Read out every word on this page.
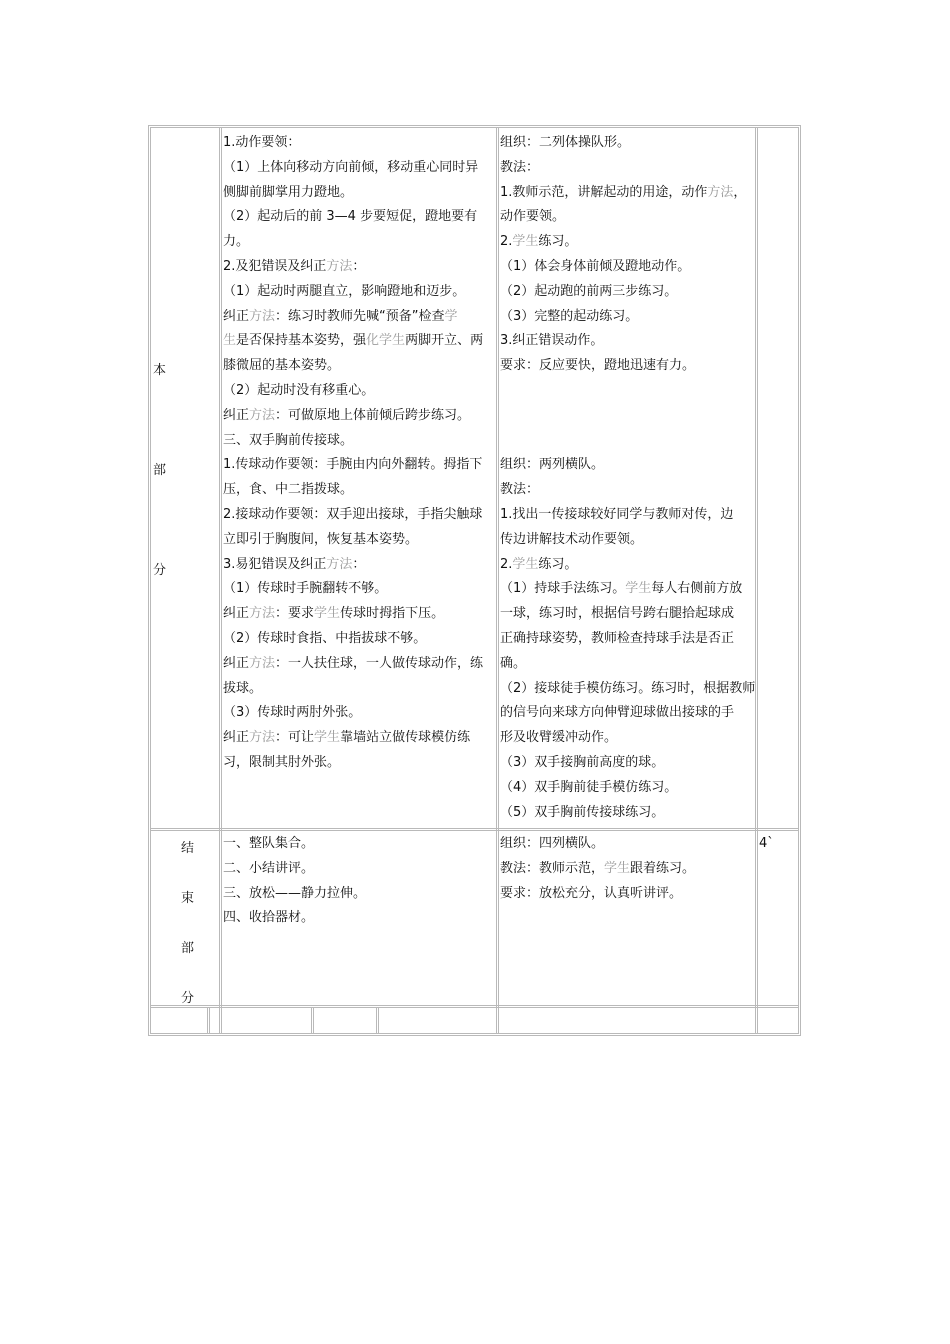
本
部
分

1.动作要领：

（1）上体向移动方向前倾，移动重心同时异

侧脚前脚掌用力蹬地。

（2）起动后的前 3—4 步要短促，蹬地要有

力。

2.及犯错误及纠正方法：

（1）起动时两腿直立，影响蹬地和迈步。

纠正方法：练习时教师先喊“预备”检查学

生是否保持基本姿势，强化学生两脚开立、两

膝微屈的基本姿势。

（2）起动时没有移重心。

纠正方法：可做原地上体前倾后跨步练习。

三、双手胸前传接球。

1.传球动作要领：手腕由内向外翻转。拇指下

压，食、中二指拨球。

2.接球动作要领：双手迎出接球，手指尖触球

立即引于胸腹间，恢复基本姿势。

3.易犯错误及纠正方法：

（1）传球时手腕翻转不够。

纠正方法：要求学生传球时拇指下压。

（2）传球时食指、中指拔球不够。

纠正方法：一人扶住球，一人做传球动作，练

拔球。

（3）传球时两肘外张。

纠正方法：可让学生靠墙站立做传球模仿练

习，限制其肘外张。

组织：二列体操队形。

教法：

1.教师示范，讲解起动的用途，动作方法，

动作要领。

2.学生练习。

（1）体会身体前倾及蹬地动作。

（2）起动跑的前两三步练习。

（3）完整的起动练习。

3.纠正错误动作。

要求：反应要快，蹬地迅速有力。

组织：两列横队。

教法：

1.找出一传接球较好同学与教师对传，边

传边讲解技术动作要领。

2.学生练习。

（1）持球手法练习。学生每人右侧前方放

一球，练习时，根据信号跨右腿拾起球成

正确持球姿势，教师检查持球手法是否正

确。

（2）接球徒手模仿练习。练习时，根据教师

的信号向来球方向伸臂迎球做出接球的手

形及收臂缓冲动作。

（3）双手接胸前高度的球。

（4）双手胸前徒手模仿练习。

（5）双手胸前传接球练习。

结
束
部
分

一、整队集合。

二、小结讲评。

三、放松——静力拉伸。

四、收拾器材。

组织：四列横队。

教法：教师示范，学生跟着练习。

要求：放松充分，认真听讲评。

4`
